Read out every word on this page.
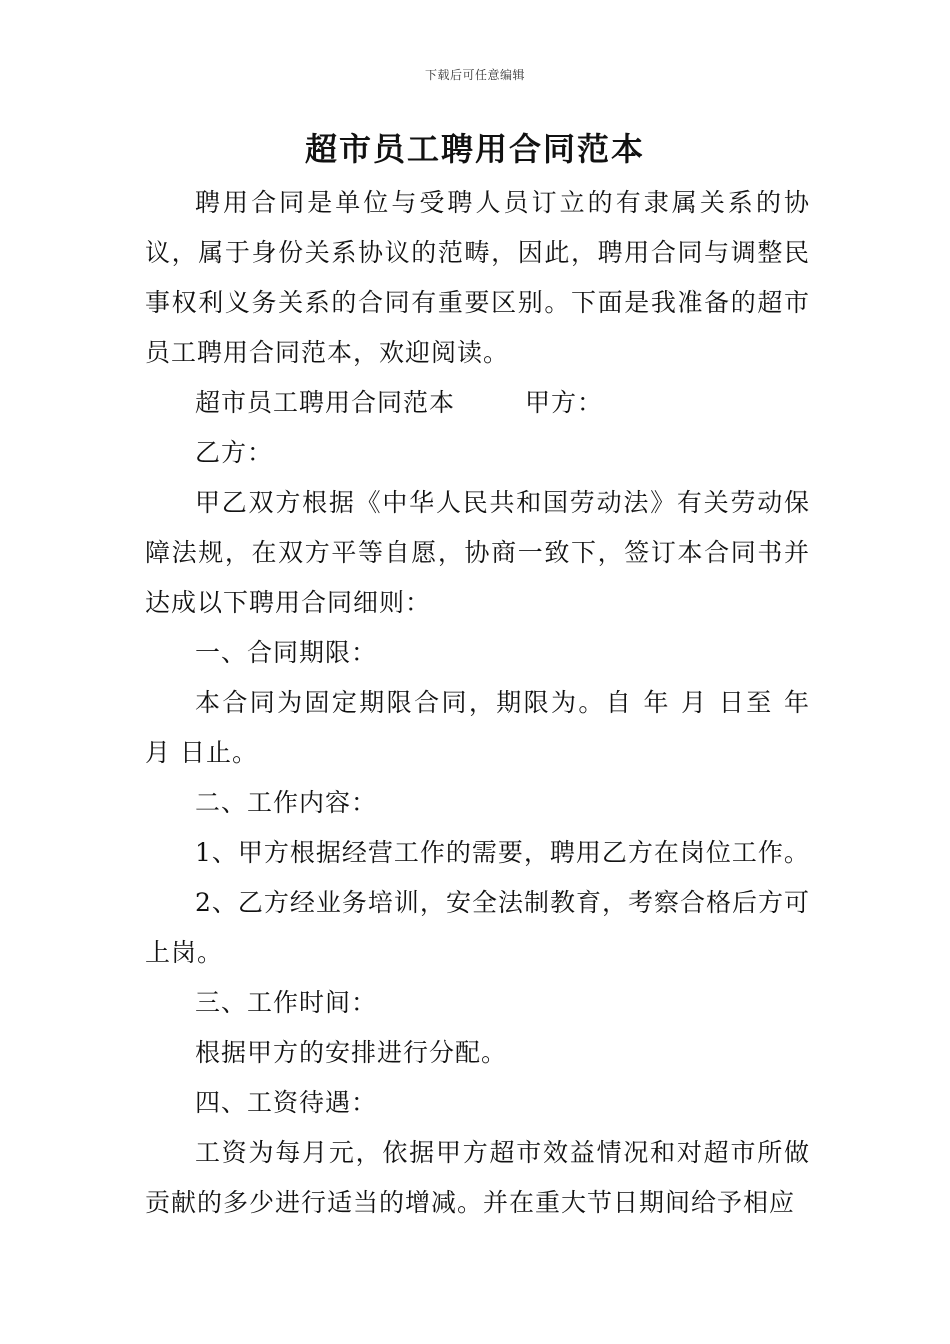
下载后可任意编辑
超市员工聘用合同范本

聘用合同是单位与受聘人员订立的有隶属关系的协议，属于身份关系协议的范畴，因此，聘用合同与调整民事权利义务关系的合同有重要区别。下面是我准备的超市员工聘用合同范本，欢迎阅读。

超市员工聘用合同范本	甲方：

乙方：

甲乙双方根据《中华人民共和国劳动法》有关劳动保障法规，在双方平等自愿，协商一致下，签订本合同书并达成以下聘用合同细则：

一、合同期限：

本合同为固定期限合同，期限为。自 年 月 日至 年 月 日止。

二、工作内容：

1、甲方根据经营工作的需要，聘用乙方在岗位工作。

2、乙方经业务培训，安全法制教育，考察合格后方可上岗。

三、工作时间：

根据甲方的安排进行分配。

四、工资待遇：

工资为每月元，依据甲方超市效益情况和对超市所做贡献的多少进行适当的增减。并在重大节日期间给予相应
